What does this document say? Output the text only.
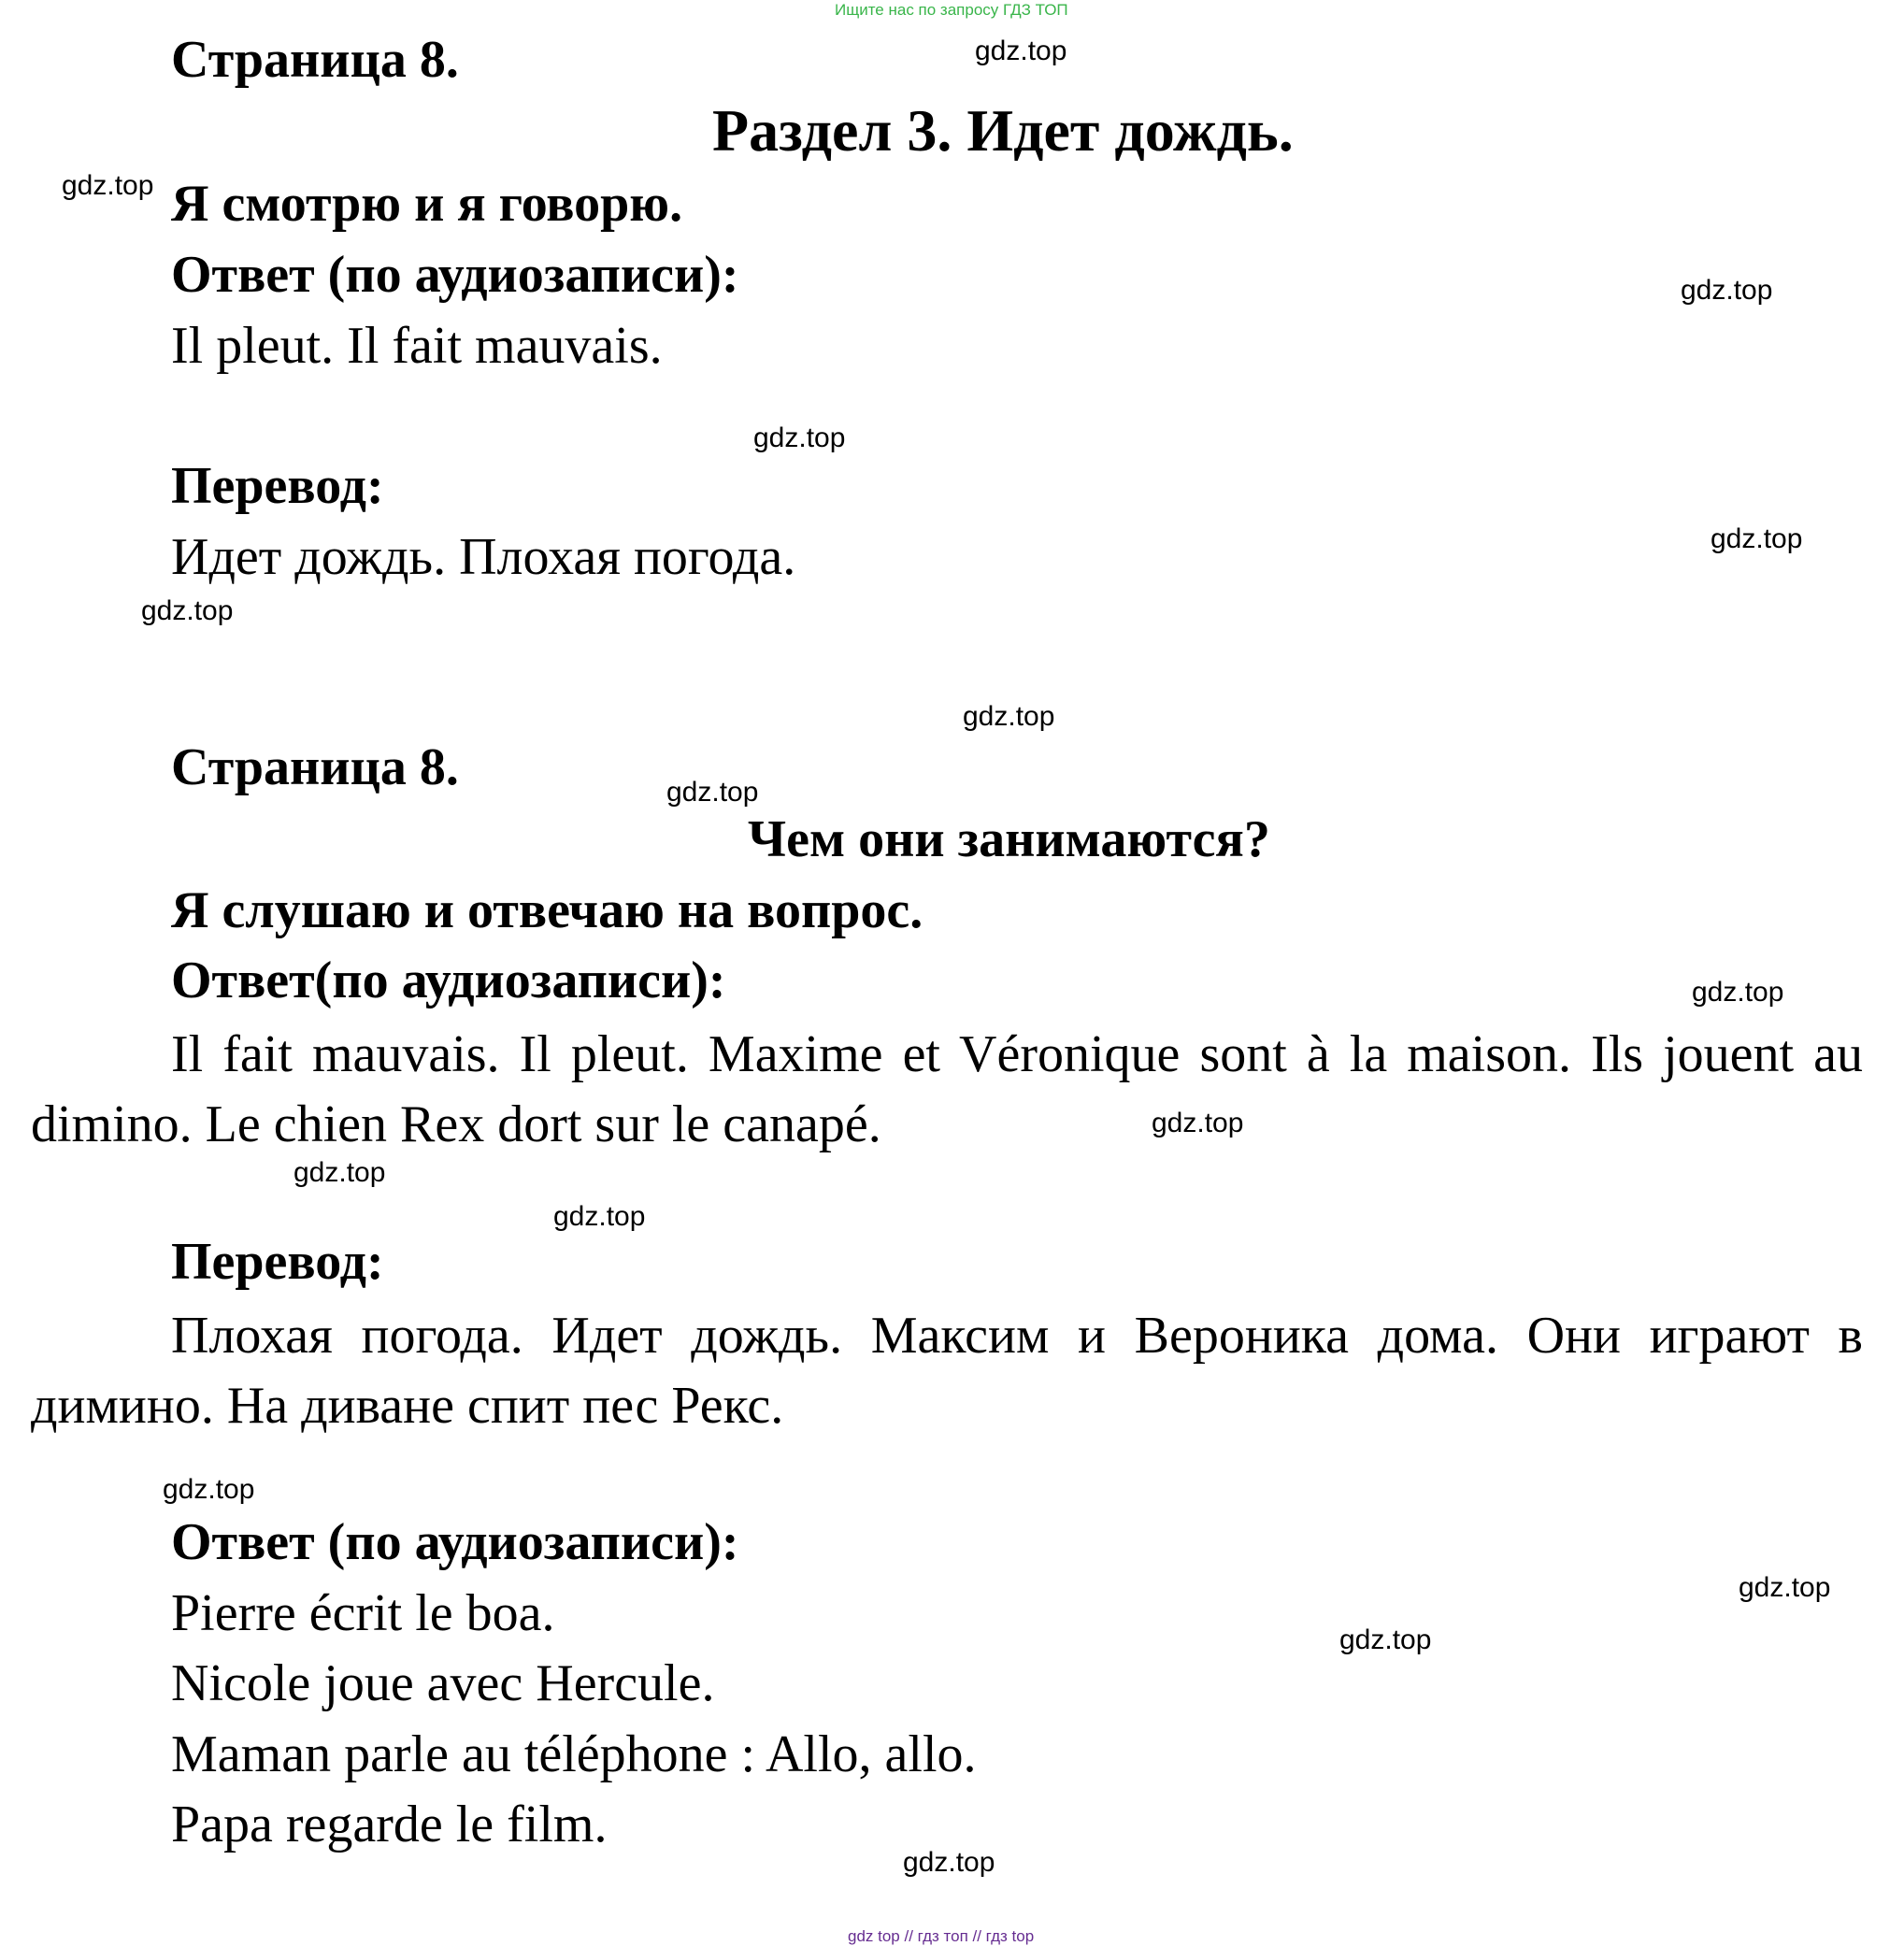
Ищите нас по запросу ГДЗ ТОП
Страница 8.
Раздел 3. Идет дождь.
Я смотрю и я говорю.
Ответ (по аудиозаписи):
Il pleut. Il fait mauvais.
Перевод:
Идет дождь. Плохая погода.
Страница 8.
Чем они занимаются?
Я слушаю и отвечаю на вопрос.
Ответ(по аудиозаписи):

Il fait mauvais. Il pleut. Maxime et Véronique sont à la maison. Ils jouent au dimino. Le chien Rex dort sur le canapé.

Перевод:

Плохая погода. Идет дождь. Максим и Вероника дома. Они играют в димино. На диване спит пес Рекс.

Ответ (по аудиозаписи):
Pierre écrit le boa.
Nicole joue avec Hercule.
Maman parle au téléphone : Allo, allo.
Papa regarde le film.
gdz.top
gdz.top
gdz.top
gdz.top
gdz.top
gdz.top
gdz.top
gdz.top
gdz.top
gdz.top
gdz.top
gdz.top
gdz.top
gdz.top
gdz.top
gdz.top
gdz top // гдз топ // гдз top
